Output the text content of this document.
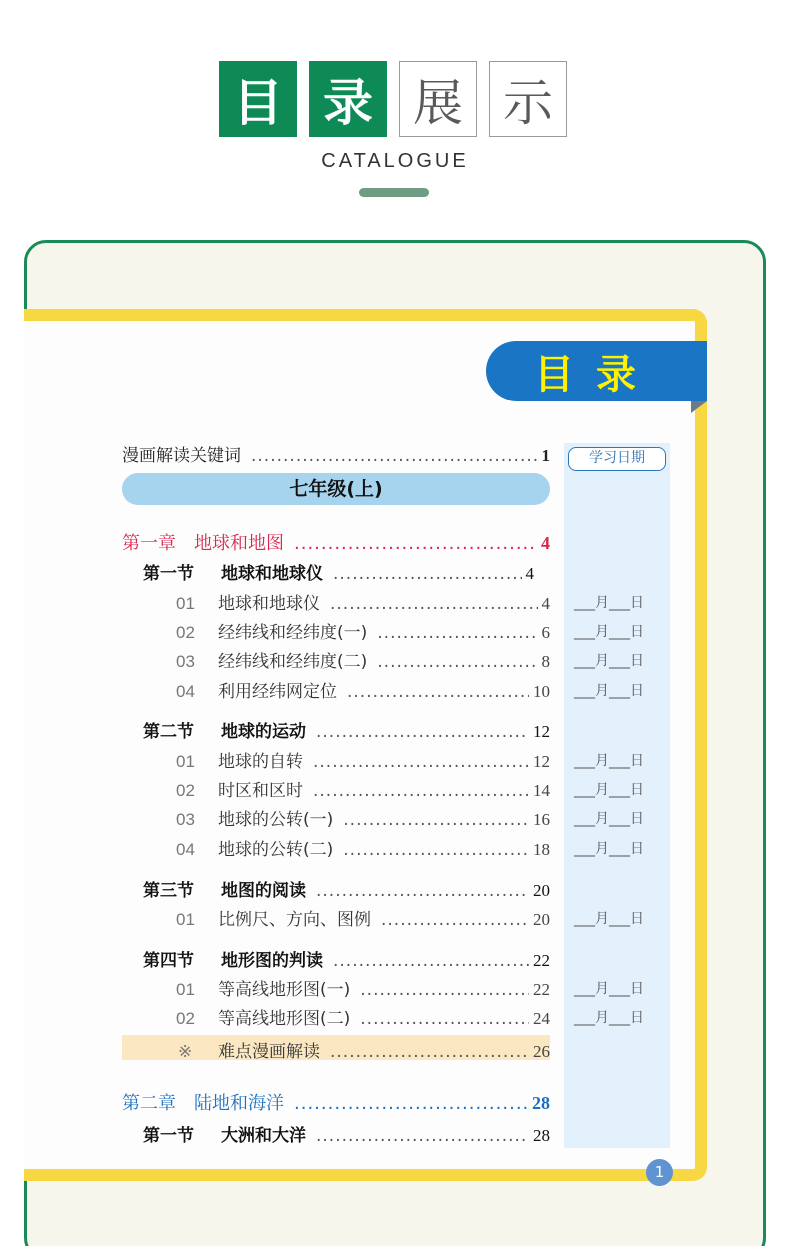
目 录 展 示
CATALOGUE
目录
学习日期
漫画解读关键词 .....	1
七年级(上)
第一章　地球和地图 .....	4
第一节	地球和地球仪 .....	4
01	地球和地球仪 .....	4 ___月___日
02	经纬线和经纬度(一) .....	6 ___月___日
03	经纬线和经纬度(二) .....	8 ___月___日
04	利用经纬网定位 .....	10 ___月___日
第二节	地球的运动 .....	12
01	地球的自转 .....	12 ___月___日
02	时区和区时 .....	14 ___月___日
03	地球的公转(一) .....	16 ___月___日
04	地球的公转(二) .....	18 ___月___日
第三节	地图的阅读 .....	20
01	比例尺、方向、图例 .....	20 ___月___日
第四节	地形图的判读 .....	22
01	等高线地形图(一) .....	22 ___月___日
02	等高线地形图(二) .....	24 ___月___日
※	难点漫画解读 .....	26
第二章　陆地和海洋 .....	28
第一节	大洲和大洋 .....	28
1
